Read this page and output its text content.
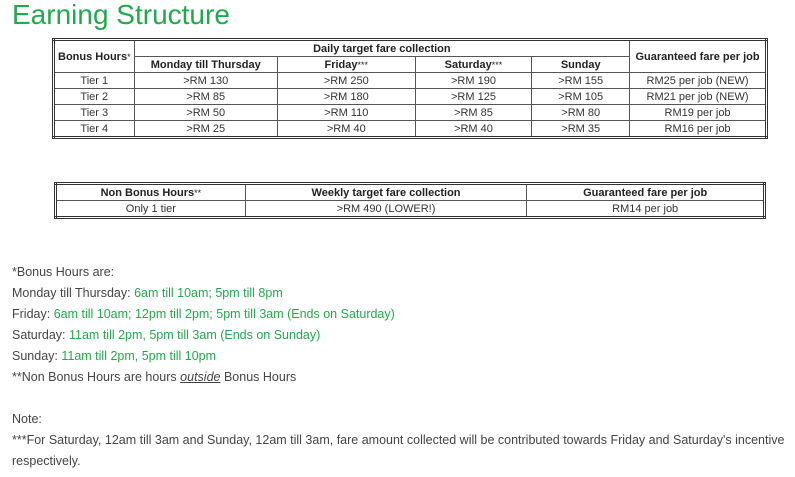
Earning Structure
Bonus Hours*	Daily target fare collection				Guaranteed fare per job
	Monday till Thursday	Friday***	Saturday***	Sunday	
Tier 1	>RM 130	>RM 250	>RM 190	>RM 155	RM25 per job (NEW)
Tier 2	>RM 85	>RM 180	>RM 125	>RM 105	RM21 per job (NEW)
Tier 3	>RM 50	>RM 110	>RM 85	>RM 80	RM19 per job
Tier 4	>RM 25	>RM 40	>RM 40	>RM 35	RM16 per job
Non Bonus Hours**	Weekly target fare collection	Guaranteed fare per job
Only 1 tier	>RM 490 (LOWER!)	RM14 per job

*Bonus Hours are:

Monday till Thursday: 6am till 10am; 5pm till 8pm

Friday: 6am till 10am; 12pm till 2pm; 5pm till 3am (Ends on Saturday)

Saturday: 11am till 2pm, 5pm till 3am (Ends on Sunday)

Sunday: 11am till 2pm, 5pm till 10pm

**Non Bonus Hours are hours outside Bonus Hours

Note:

***For Saturday, 12am till 3am and Sunday, 12am till 3am, fare amount collected will be contributed towards Friday and Saturday's incentive respectively.
